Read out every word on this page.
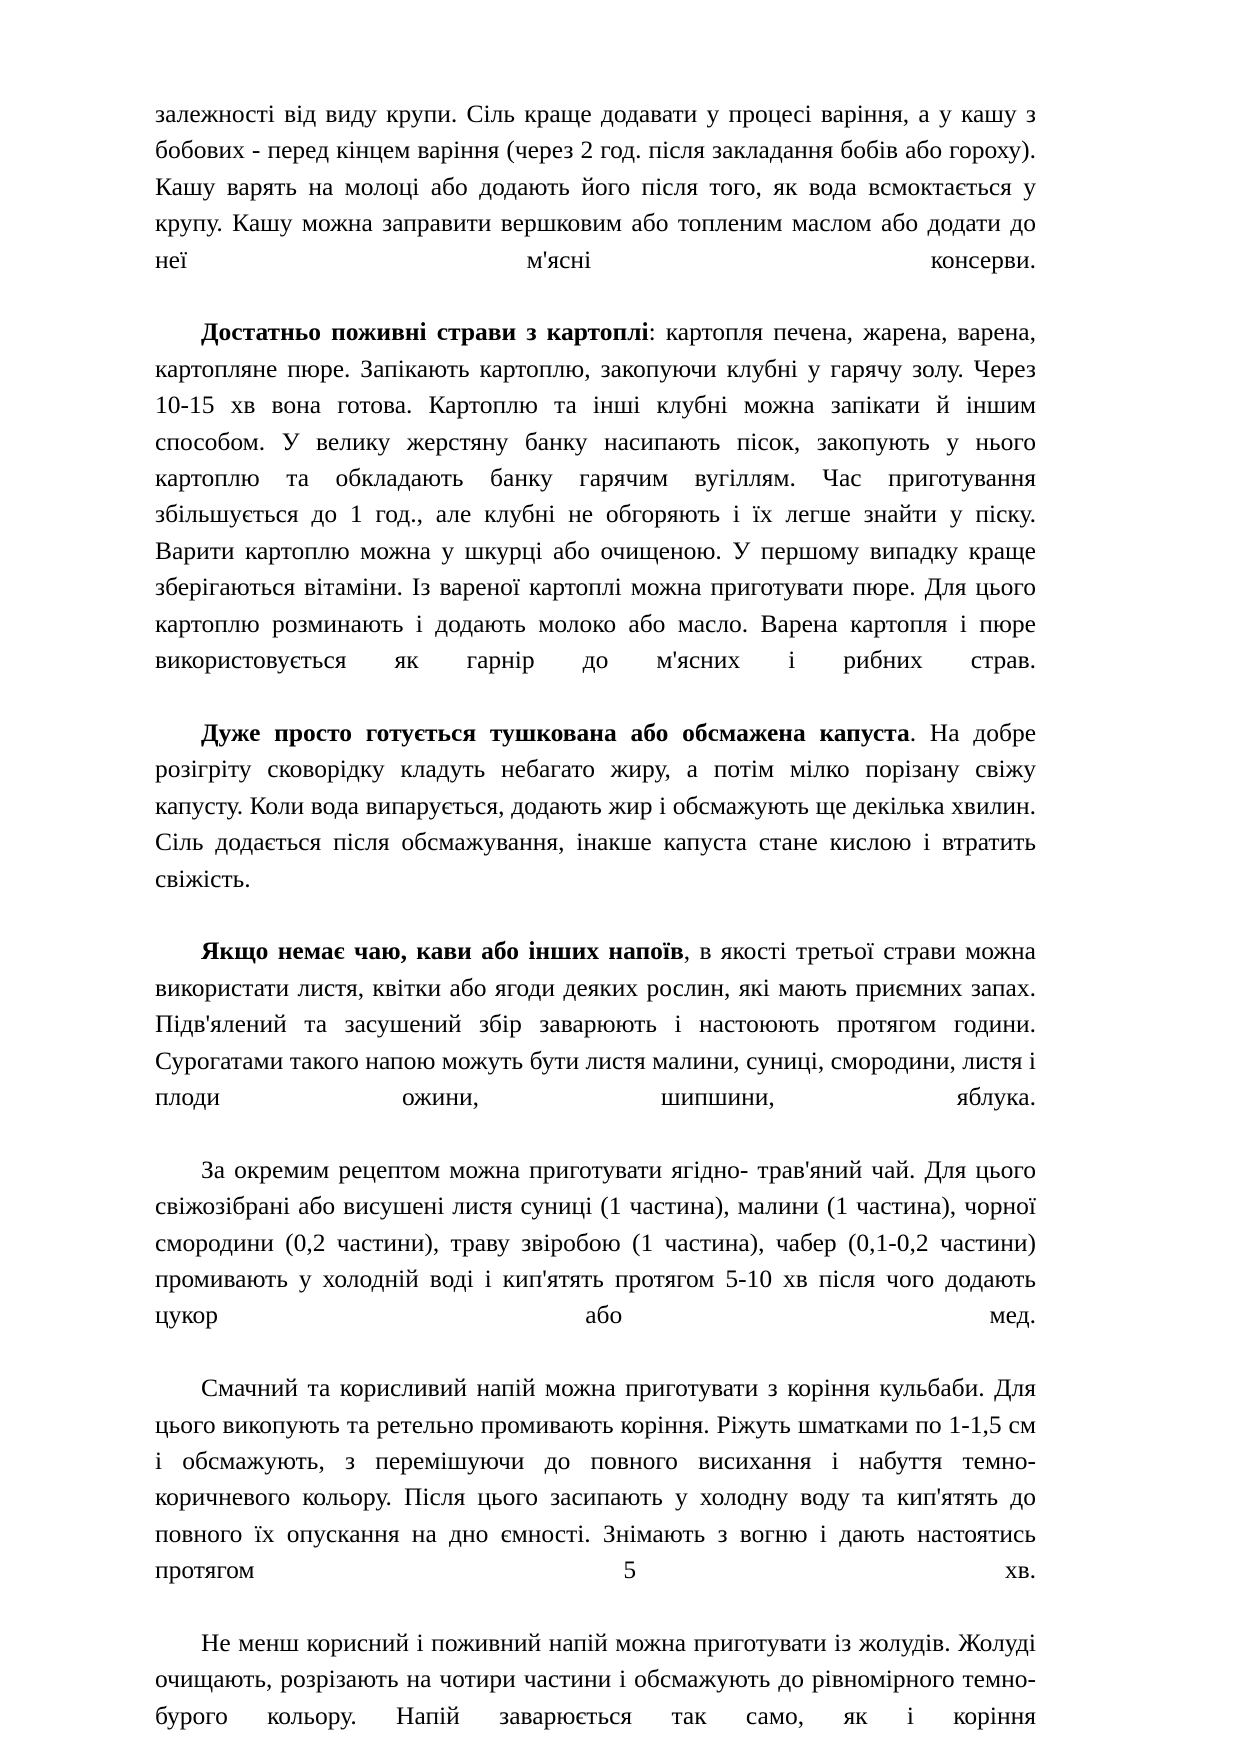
залежності від виду крупи. Сіль краще додавати у процесі варіння, а у кашу з бобових - перед кінцем варіння (через 2 год. після закладання бобів або гороху). Кашу варять на молоці або додають його після того, як вода всмоктається у крупу. Кашу можна заправити вершковим або топленим маслом або додати до неї м'ясні консерви.

Достатньо поживні страви з картоплі: картопля печена, жарена, варена, картопляне пюре. Запікають картоплю, закопуючи клубні у гарячу золу. Через 10-15 хв вона готова. Картоплю та інші клубні можна запікати й іншим способом. У велику жерстяну банку насипають пісок, закопують у нього картоплю та обкладають банку гарячим вугіллям. Час приготування збільшується до 1 год., але клубні не обгоряють і їх легше знайти у піску. Варити картоплю можна у шкурці або очищеною. У першому випадку краще зберігаються вітаміни. Із вареної картоплі можна приготувати пюре. Для цього картоплю розминають і додають молоко або масло. Варена картопля і пюре використовується як гарнір до м'ясних і рибних страв.

Дуже просто готується тушкована або обсмажена капуста. На добре розігріту сковорідку кладуть небагато жиру, а потім мілко порізану свіжу капусту. Коли вода випарується, додають жир і обсмажують ще декілька хвилин. Сіль додається після обсмажування, інакше капуста стане кислою і втратить свіжість.

Якщо немає чаю, кави або інших напоїв, в якості третьої страви можна використати листя, квітки або ягоди деяких рослин, які мають приємних запах. Підв'ялений та засушений збір заварюють і настоюють протягом години. Сурогатами такого напою можуть бути листя малини, суниці, смородини, листя і плоди ожини, шипшини, яблука.

За окремим рецептом можна приготувати ягідно- трав'яний чай. Для цього свіжозібрані або висушені листя суниці (1 частина), малини (1 частина), чорної смородини (0,2 частини), траву звіробою (1 частина), чабер (0,1-0,2 частини) промивають у холодній воді і кип'ятять протягом 5-10 хв після чого додають цукор або мед.

Смачний та корисливий напій можна приготувати з коріння кульбаби. Для цього викопують та ретельно промивають коріння. Ріжуть шматками по 1-1,5 см і обсмажують, з перемішуючи до повного висихання і набуття темно-коричневого кольору. Після цього засипають у холодну воду та кип'ятять до повного їх опускання на дно ємності. Знімають з вогню і дають настоятись протягом 5 хв.

Не менш корисний і поживний напій можна приготувати із жолудів. Жолуді очищають, розрізають на чотири частини і обсмажують до рівномірного темно-бурого кольору. Напій заварюється так само, як і коріння
